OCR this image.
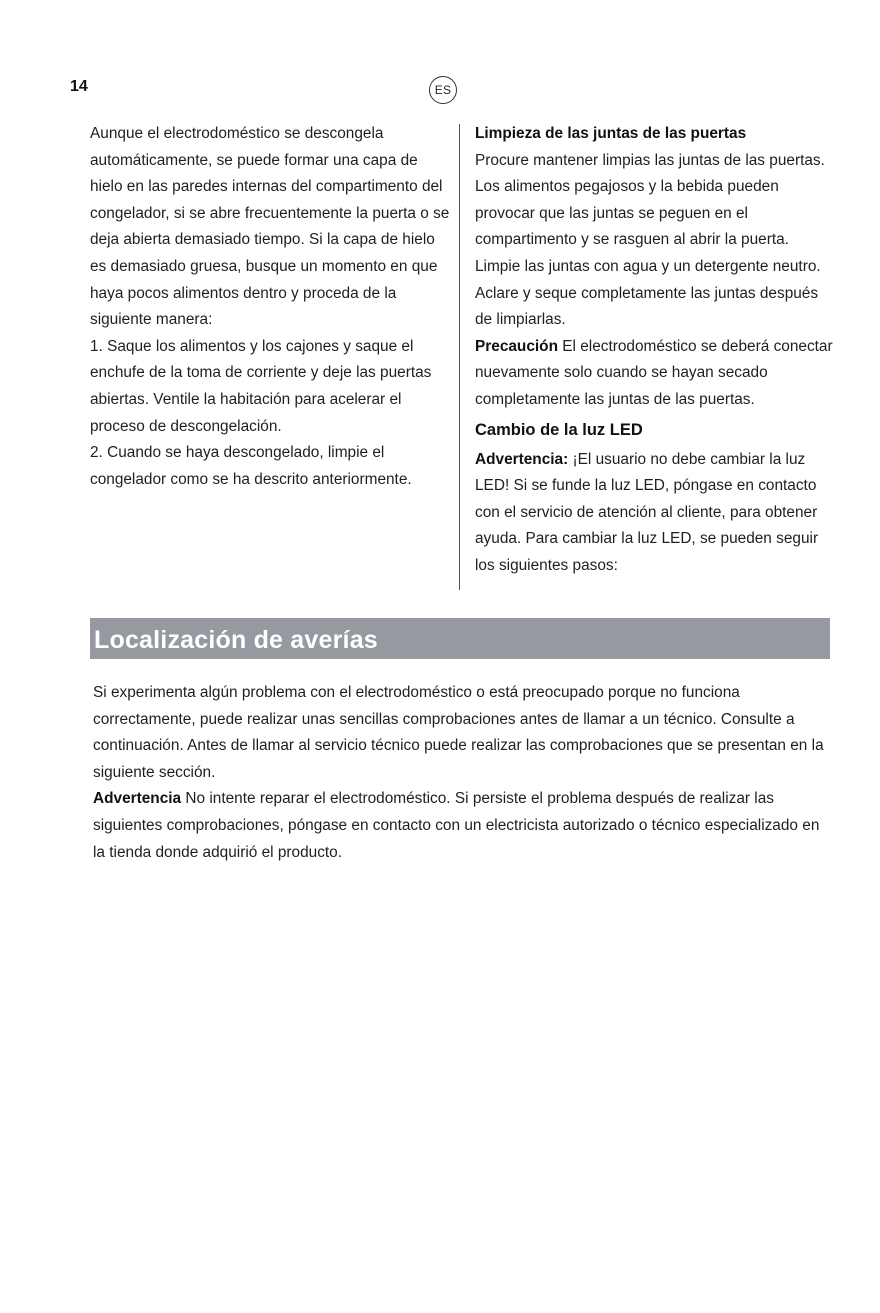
14	ES

Aunque el electrodoméstico se descongela automáticamente, se puede formar una capa de hielo en las paredes internas del compartimento del congelador, si se abre frecuentemente la puerta o se deja abierta demasiado tiempo. Si la capa de hielo es demasiado gruesa, busque un momento en que haya pocos alimentos dentro y proceda de la siguiente manera:

1. Saque los alimentos y los cajones y saque el enchufe de la toma de corriente y deje las puertas abiertas. Ventile la habitación para acelerar el proceso de descongelación.

2. Cuando se haya descongelado, limpie el congelador como se ha descrito anteriormente.

Limpieza de las juntas de las puertas

Procure mantener limpias las juntas de las puertas. Los alimentos pegajosos y la bebida pueden provocar que las juntas se peguen en el compartimento y se rasguen al abrir la puerta. Limpie las juntas con agua y un detergente neutro. Aclare y seque completamente las juntas después de limpiarlas.

Precaución El electrodoméstico se deberá conectar nuevamente solo cuando se hayan secado completamente las juntas de las puertas.

Cambio de la luz LED

Advertencia: ¡El usuario no debe cambiar la luz LED! Si se funde la luz LED, póngase en contacto con el servicio de atención al cliente, para obtener ayuda. Para cambiar la luz LED, se pueden seguir los siguientes pasos:

Localización de averías

Si experimenta algún problema con el electrodoméstico o está preocupado porque no funciona correctamente, puede realizar unas sencillas comprobaciones antes de llamar a un técnico. Consulte a continuación. Antes de llamar al servicio técnico puede realizar las comprobaciones que se presentan en la siguiente sección.

Advertencia No intente reparar el electrodoméstico. Si persiste el problema después de realizar las siguientes comprobaciones, póngase en contacto con un electricista autorizado o técnico especializado en la tienda donde adquirió el producto.
